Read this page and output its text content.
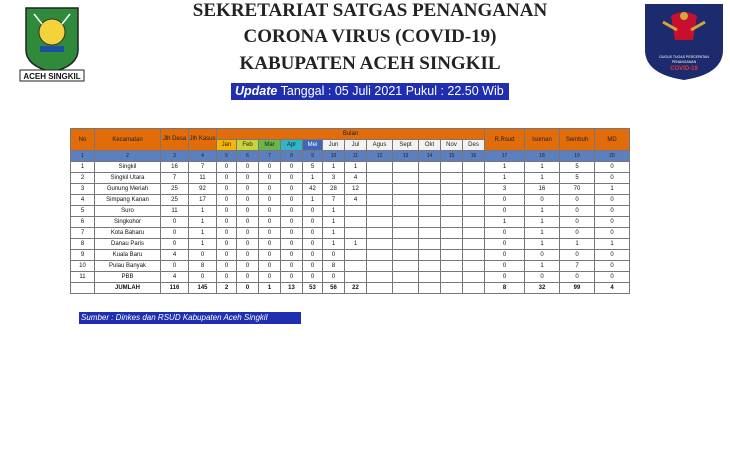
ACEH SINGKIL
SEKRETARIAT SATGAS PENANGANAN
CORONA VIRUS (COVID-19)
KABUPATEN ACEH SINGKIL	GUGUS TUGAS PERCEPATAN
PENANGANAN
COVID-19
Update Tanggal : 05 Juli 2021 Pukul : 22.50 Wib
No	Kecamatan	Jlh Desa	Jlh Kasus	Bulan												R.Rsud	Isoman	Sembuh	MD
				Jan	Feb	Mar	Apr	Mei	Jun	Jul	Agus	Sept	Okt	Nov	Des				
1	2	3	4	5	6	7	8	9	10	11	12	13	14	15	16	17	18	19	20
1	Singkil	16	7	0	0	0	0	5	1	1						1	1	5	0
2	Singkil Utara	7	11	0	0	0	0	1	3	4						1	1	5	0
3	Gunung Meriah	25	92	0	0	0	0	42	28	12						3	16	70	1
4	Simpang Kanan	25	17	0	0	0	0	1	7	4						0	0	0	0
5	Suro	11	1	0	0	0	0	0	1							0	1	0	0
6	Singkohor	0	1	0	0	0	0	0	1							1	1	0	0
7	Kota Baharu	0	1	0	0	0	0	0	1							0	1	0	0
8	Danau Paris	0	1	0	0	0	0	0	1	1						0	1	1	1
9	Kuala Baru	4	0	0	0	0	0	0	0							0	0	0	0
10	Pulau Banyak	0	8	0	0	0	0	0	8							0	1	7	0
11	PBB	4	0	0	0	0	0	0	0							0	0	0	0
	JUMLAH	116	145	2	0	1	13	53	56	22						8	32	99	4
Sumber : Dinkes dan RSUD Kabupaten Aceh Singkil
